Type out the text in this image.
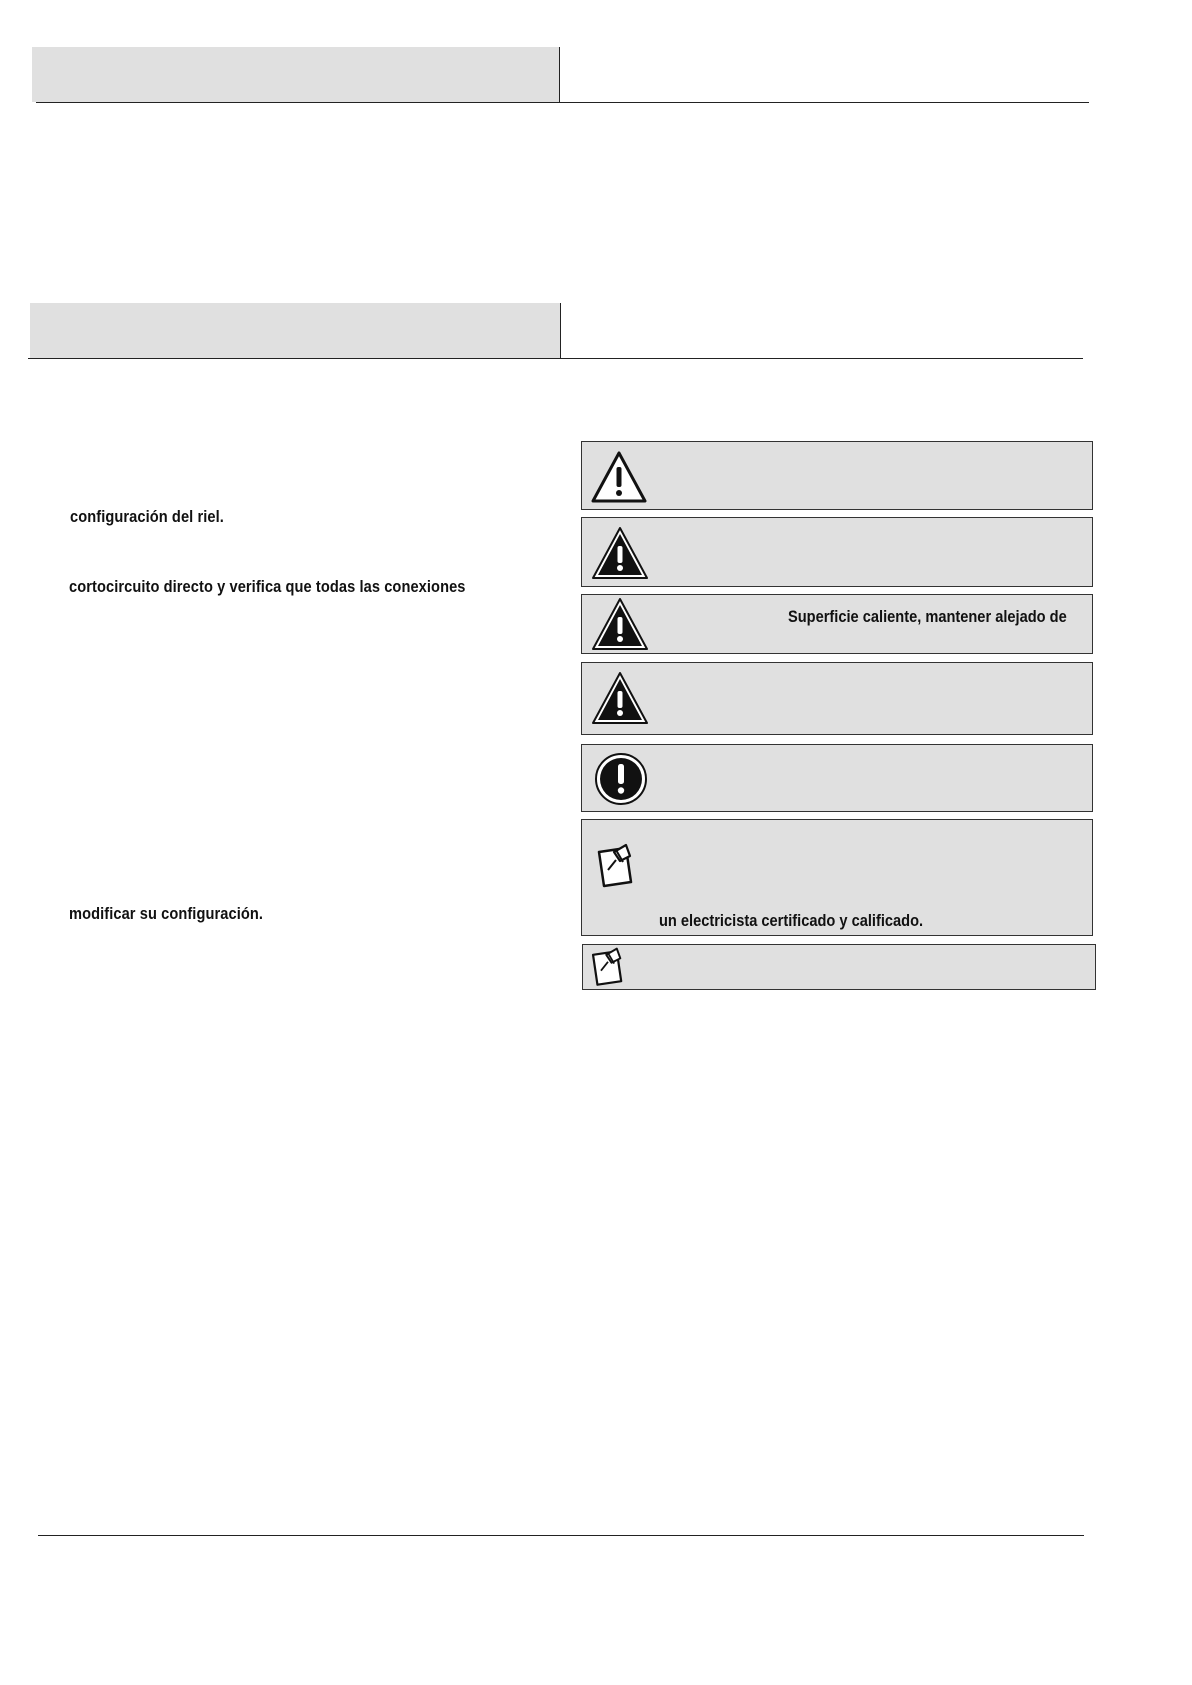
configuración del riel.
cortocircuito directo y verifica que todas las conexiones
modificar su configuración.
Superficie caliente, mantener alejado de
un electricista certificado y calificado.
